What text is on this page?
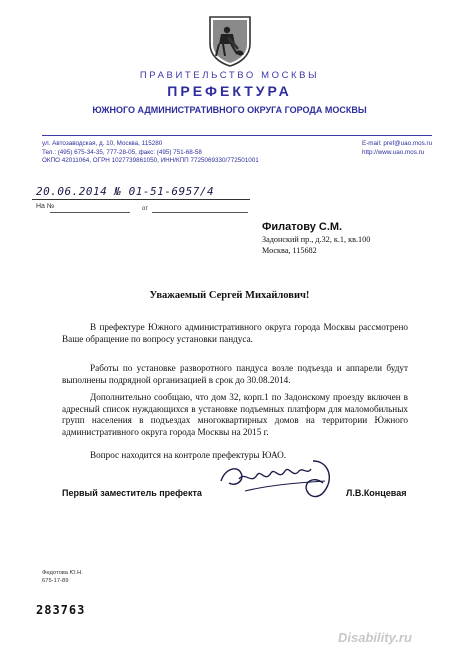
ПРАВИТЕЛЬСТВО МОСКВЫ
ПРЕФЕКТУРА
ЮЖНОГО АДМИНИСТРАТИВНОГО ОКРУГА ГОРОДА МОСКВЫ
ул. Автозаводская, д. 10, Москва, 115280
Тел.: (495) 675-34-35, 777-28-05, факс: (495) 751-68-58
ОКПО 42011064, ОГРН 1027739861050, ИНН/КПП 7725069330/772501001
E-mail: pref@uao.mos.ru
http://www.uao.mos.ru
20.06.2014 № 01-51-6957/4
На №	от
Филатову С.М.
Задонский пр., д.32, к.1, кв.100
Москва, 115682
Уважаемый Сергей Михайлович!
В префектуре Южного административного округа города Москвы рассмотрено Ваше обращение по вопросу установки пандуса.
Работы по установке разворотного пандуса возле подъезда и аппарели будут выполнены подрядной организацией в срок до 30.08.2014.
Дополнительно сообщаю, что дом 32, корп.1 по Задонскому проезду включен в адресный список нуждающихся в установке подъемных платформ для маломобильных групп населения в подъездах многоквартирных домов на территории Южного административного округа города Москвы на 2015 г.
Вопрос находится на контроле префектуры ЮАО.
Первый заместитель префекта	Л.В.Концевая
Федотова Ю.Н.
675-17-89
283763
Disability.ru
